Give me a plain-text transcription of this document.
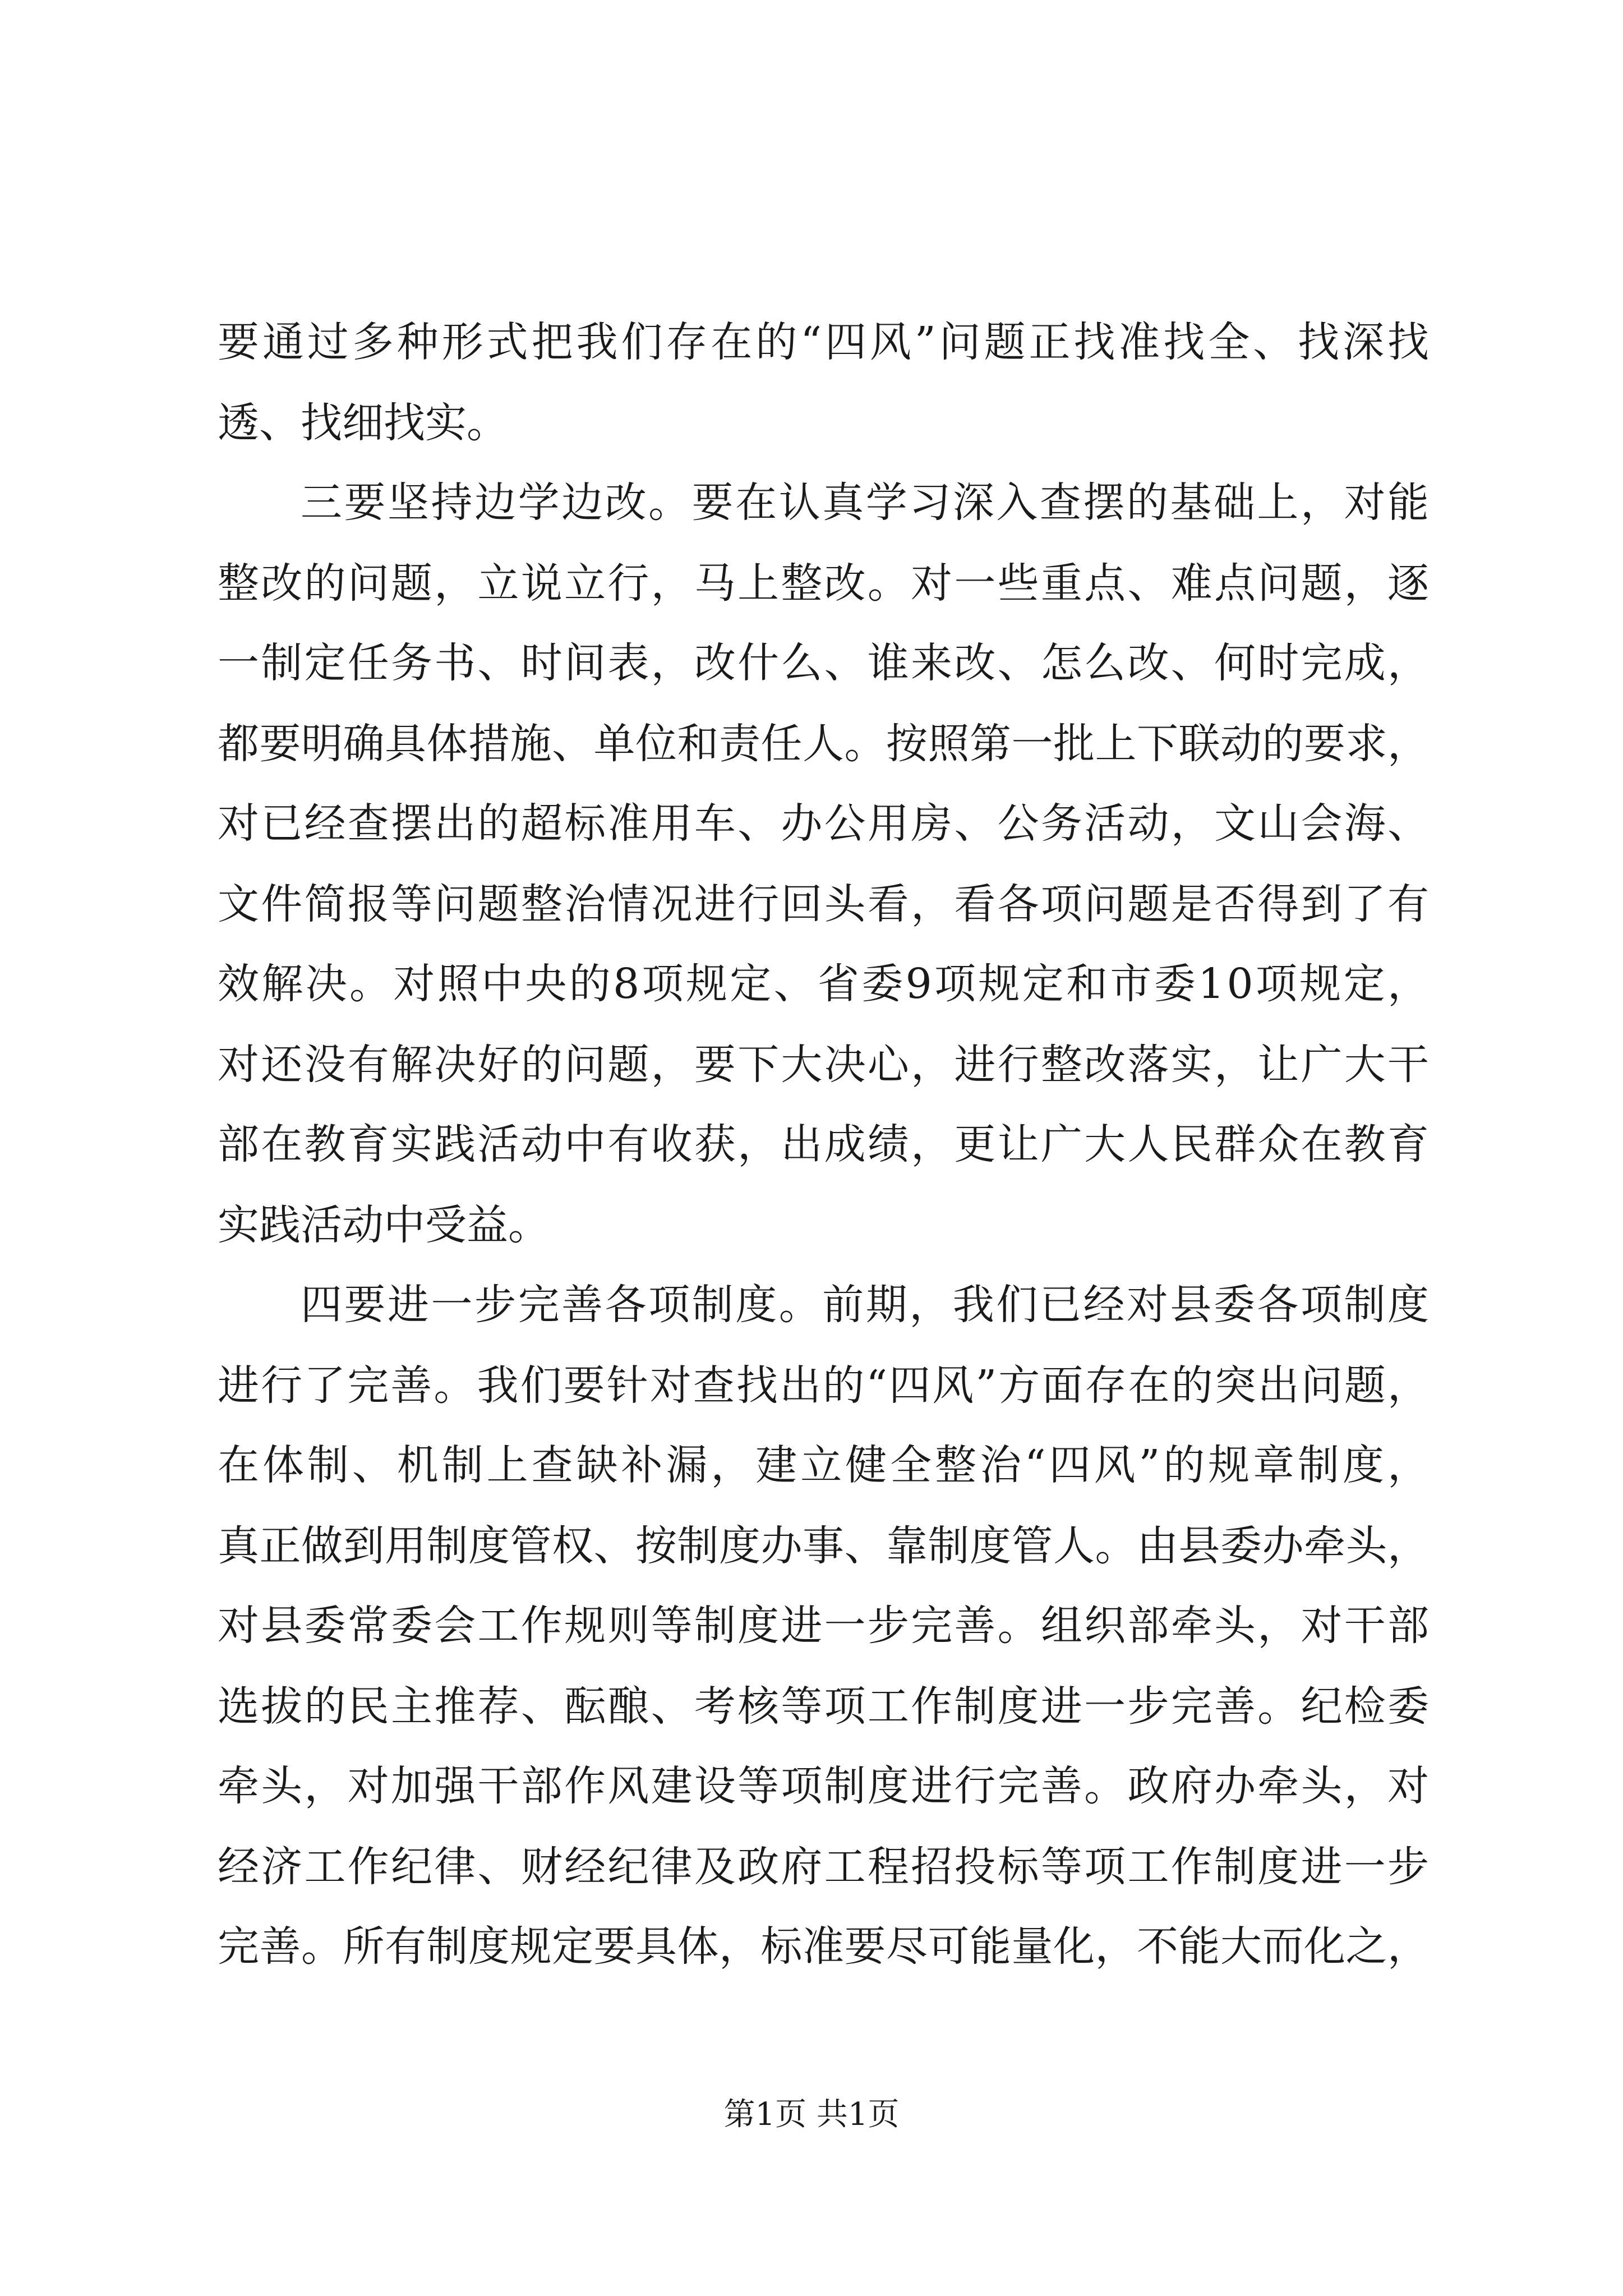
要通过多种形式把我们存在的“四风”问题正找准找全、找深找
透、找细找实。
三要坚持边学边改。要在认真学习深入查摆的基础上，对能
整改的问题，立说立行，马上整改。对一些重点、难点问题，逐
一制定任务书、时间表，改什么、谁来改、怎么改、何时完成，
都要明确具体措施、单位和责任人。按照第一批上下联动的要求，
对已经查摆出的超标准用车、办公用房、公务活动，文山会海、
文件简报等问题整治情况进行回头看，看各项问题是否得到了有
效解决。对照中央的8项规定、省委9项规定和市委10项规定，
对还没有解决好的问题，要下大决心，进行整改落实，让广大干
部在教育实践活动中有收获，出成绩，更让广大人民群众在教育
实践活动中受益。
四要进一步完善各项制度。前期，我们已经对县委各项制度
进行了完善。我们要针对查找出的“四风”方面存在的突出问题，
在体制、机制上查缺补漏，建立健全整治“四风”的规章制度，
真正做到用制度管权、按制度办事、靠制度管人。由县委办牵头，
对县委常委会工作规则等制度进一步完善。组织部牵头，对干部
选拔的民主推荐、酝酿、考核等项工作制度进一步完善。纪检委
牵头，对加强干部作风建设等项制度进行完善。政府办牵头，对
经济工作纪律、财经纪律及政府工程招投标等项工作制度进一步
完善。所有制度规定要具体，标准要尽可能量化，不能大而化之，
第1页 共1页
